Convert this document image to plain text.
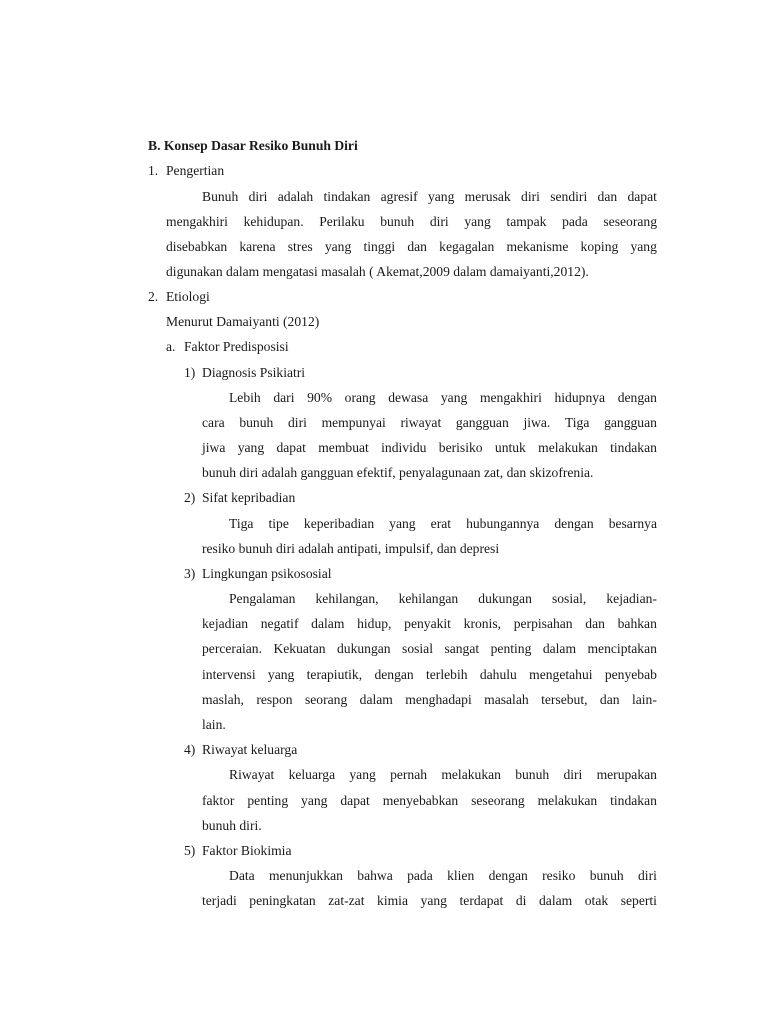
B. Konsep Dasar Resiko Bunuh Diri
1. Pengertian
Bunuh diri adalah tindakan agresif yang merusak diri sendiri dan dapat
mengakhiri kehidupan. Perilaku bunuh diri yang tampak pada seseorang
disebabkan karena stres yang tinggi dan kegagalan mekanisme koping yang
digunakan dalam mengatasi masalah ( Akemat,2009 dalam damaiyanti,2012).
2. Etiologi
Menurut Damaiyanti (2012)
a. Faktor Predisposisi
1) Diagnosis Psikiatri
Lebih dari 90% orang dewasa yang mengakhiri hidupnya dengan
cara bunuh diri mempunyai riwayat gangguan jiwa. Tiga gangguan
jiwa yang dapat membuat individu berisiko untuk melakukan tindakan
bunuh diri adalah gangguan efektif, penyalagunaan zat, dan skizofrenia.
2) Sifat kepribadian
Tiga tipe keperibadian yang erat hubungannya dengan besarnya
resiko bunuh diri adalah antipati, impulsif, dan depresi
3) Lingkungan psikososial
Pengalaman kehilangan, kehilangan dukungan sosial, kejadian-
kejadian negatif dalam hidup, penyakit kronis, perpisahan dan bahkan
perceraian. Kekuatan dukungan sosial sangat penting dalam menciptakan
intervensi yang terapiutik, dengan terlebih dahulu mengetahui penyebab
maslah, respon seorang dalam menghadapi masalah tersebut, dan lain-
lain.
4) Riwayat keluarga
Riwayat keluarga yang pernah melakukan bunuh diri merupakan
faktor penting yang dapat menyebabkan seseorang melakukan tindakan
bunuh diri.
5) Faktor Biokimia
Data menunjukkan bahwa pada klien dengan resiko bunuh diri
terjadi peningkatan zat-zat kimia yang terdapat di dalam otak seperti
